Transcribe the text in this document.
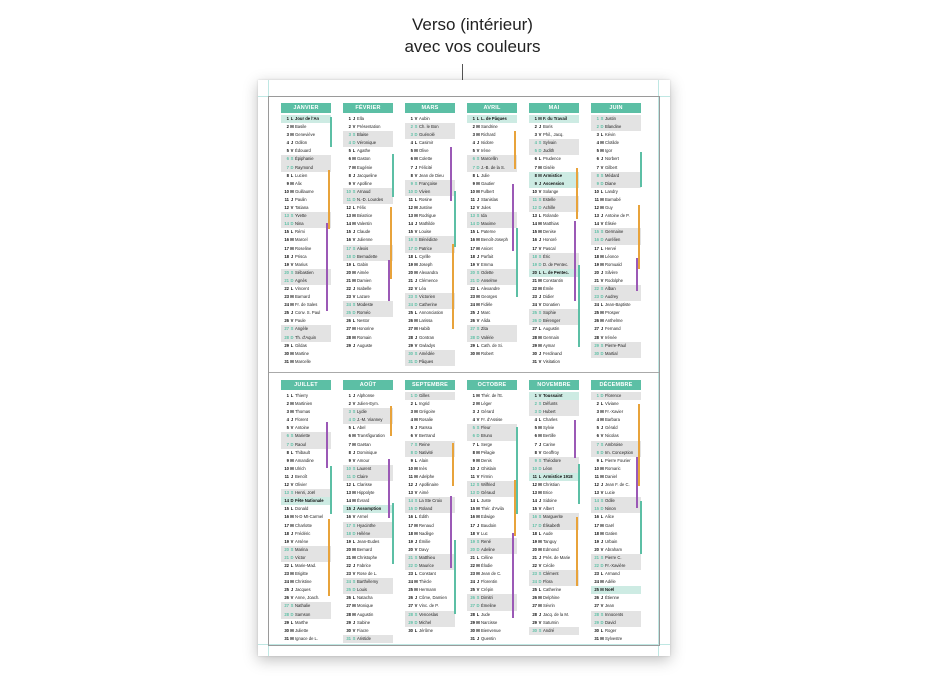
Verso (intérieur)
avec vos couleurs
JANVIER
1 L Jour de l'An
2MBasile
3MGeneviève
4 J Odilon
5 V Édouard
6 S Épiphanie
7DRaymond
8 L Lucien
9MAlix
10MGuillaume
11 J Paulin
12 V Tatiana
13 S Yvette
14DNina
15 L Rémi
16MMarcel
17MRoseline
18 J Prisca
19 V Marius
20 S Sébastien
21DAgnès
22 L Vincent
23MBarnard
24MFr. de Sales
25 J Conv. S. Paul
26 V Paule
27 S Angèle
28DTh. d'Aquin
29 L Gildas
30MMartine
31MMarcelle
FÉVRIER
1 J Ella
2 V Présentation
3 S Blaise
4DVéronique
5 L Agathe
6MGaston
7MEugénie
8 J Jacqueline
9 V Apolline
10 S Arnaud
11DN.-D. Lourdes
12 L Félix
13MBéatrice
14MValentin
15 J Claude
16 V Julienne
17 S Alexis
18DBernadette
19 L Gabin
20MAimée
21MDamien
22 J Isabelle
23 V Lazare
24 S Modeste
25DRoméo
26 L Nestor
27MHonorine
28MRomain
29 J Auguste
MARS
1 V Aubin
2 S Ch. le Bon
3DGuénolé
4 L Casimir
5MOlive
6MColette
7 J Félicité
8 V Jean de Dieu
9 S Françoise
10DVivien
11 L Rosine
12MJustine
13MRodrigue
14 J Mathilde
15 V Louise
16 S Bénédicte
17DPatrice
18 L Cyrille
19MJoseph
20MAlexandra
21 J Clémence
22 V Léa
23 S Victorien
24DCatherine
25 L Annonciation
26MLarissa
27MHabib
28 J Gontran
29 V Gwladys
30 S Amédée
31DPâques
AVRIL
1 L L. de Pâques
2MSandrine
3MRichard
4 J Isidore
5 V Irène
6 S Marcellin
7DJ.-B. de la S.
8 L Julie
9MGautier
10MFulbert
11 J Stanislas
12 V Jules
13 S Ida
14DMaxime
15 L Paterne
16MBenoît-Joseph
17MAnicet
18 J Parfait
19 V Emma
20 S Odette
21DAnselme
22 L Alexandre
23MGeorges
24MFidèle
25 J Marc
26 V Alida
27 S Zita
28DValérie
29 L Cath. de Si.
30MRobert
MAI
1MF. du Travail
2 J Boris
3 V Phil., Jacq.
4 S Sylvain
5DJudith
6 L Prudence
7MGisèle
8MArmistice
9 J Ascension
10 V Solange
11 S Estelle
12DAchille
13 L Rolande
14MMatthias
15MDenise
16 J Honoré
17 V Pascal
18 S Éric
19DD. de Pentec.
20 L L. de Pentec.
21MConstantin
22MÉmile
23 J Didier
24 V Donatien
25 S Sophie
26DBérenger
27 L Augustin
28MGermain
29MAymar
30 J Ferdinand
31 V Visitation
JUIN
1 S Justin
2DBlandine
3 L Kévin
4MClotilde
5MIgor
6 J Norbert
7 V Gilbert
8 S Médard
9DDiane
10 L Landry
11MBarnabé
12MGuy
13 J Antoine de P.
14 V Élisée
15 S Germaine
16DAurélien
17 L Hervé
18MLéonce
19MRomuald
20 J Silvère
21 V Rodolphe
22 S Alban
23DAudrey
24 L Jean-Baptiste
25MProsper
26MAnthelme
27 J Fernand
28 V Irénée
29 S Pierre-Paul
30DMartial
JUILLET
1 L Thierry
2MMartinien
3MThomas
4 J Florent
5 V Antoine
6 S Mariette
7DRaoul
8 L Thibault
9MAmandine
10MUlrich
11 J Benoît
12 V Olivier
13 S Henri, Joël
14DFête Nationale
15 L Donald
16MN-D Mt-Carmel
17MCharlotte
18 J Frédéric
19 V Arsène
20 S Marina
21DVictor
22 L Marie-Mad.
23MBrigitte
24MChristine
25 J Jacques
26 V Anne, Joach.
27 S Nathalie
28DSamson
29 L Marthe
30MJuliette
31MIgnace de L.
AOÛT
1 J Alphonse
2 V Julien-Eym.
3 S Lydie
4DJ.-M. Vianney
5 L Abel
6MTransfiguration
7MGaëtan
8 J Dominique
9 V Amour
10 S Laurent
11DClaire
12 L Clarisse
13MHippolyte
14MÉvrard
15 J Assomption
16 V Armel
17 S Hyacinthe
18DHélène
19 L Jean-Eudes
20MBernard
21MChristophe
22 J Fabrice
23 V Rose de L.
24 S Barthélemy
25DLouis
26 L Natacha
27MMonique
28MAugustin
29 J Sabine
30 V Fiacre
31 S Aristide
SEPTEMBRE
1DGilles
2 L Ingrid
3MGrégoire
4MRosalie
5 J Raïssa
6 V Bertrand
7 S Reine
8DNativité
9 L Alain
10MInès
11MAdelphe
12 J Apollinaire
13 V Aimé
14 S La Ste Croix
15DRoland
16 L Édith
17MRenaud
18MNadège
19 J Émilie
20 V Davy
21 S Matthieu
22DMaurice
23 L Constant
24MThècle
25MHermann
26 J Côme, Damien
27 V Vinc. de P.
28 S Venceslas
29DMichel
30 L Jérôme
OCTOBRE
1MThér. de l'E.
2MLéger
3 J Gérard
4 V Fr. d'Assise
5 S Fleur
6DBruno
7 L Serge
8MPélagie
9MDenis
10 J Ghislain
11 V Firmin
12 S Wilfried
13DGéraud
14 L Juste
15MThér. d'Avila
16MEdwige
17 J Baudoin
18 V Luc
19 S René
20DAdeline
21 L Céline
22MÉlodie
23MJean de C.
24 J Florentin
25 V Crépin
26 S Dimitri
27DÉmeline
28 L Jude
29MNarcisse
30MBienvenue
31 J Quentin
NOVEMBRE
1 V Toussaint
2 S Défunts
3DHubert
4 L Charles
5MSylvie
6MBertille
7 J Carine
8 V Geoffroy
9 S Théodore
10DLéon
11 L Armistice 1918
12MChristian
13MBrice
14 J Sidoine
15 V Albert
16 S Marguerite
17DÉlisabeth
18 L Aude
19MTanguy
20MEdmond
21 J Prés. de Marie
22 V Cécile
23 S Clément
24DFlora
25 L Catherine
26MDelphine
27MSévrin
28 J Jacq. de la M.
29 V Saturnin
30 S André
DÉCEMBRE
1DFlorence
2 L Viviane
3MFr.-Xavier
4MBarbara
5 J Gérald
6 V Nicolas
7 S Ambroise
8DIm. Conception
9 L Pierre Fourier
10MRomaric
11MDaniel
12 J Jean F. de C.
13 V Lucie
14 S Odile
15DNinon
16 L Alice
17MGaël
18MGatien
19 J Urbain
20 V Abraham
21 S Pierre C.
22DFr.-Xavière
23 L Armand
24MAdèle
25MNoël
26 J Étienne
27 V Jean
28 S Innocents
29DDavid
30 L Roger
31MSylvestre
